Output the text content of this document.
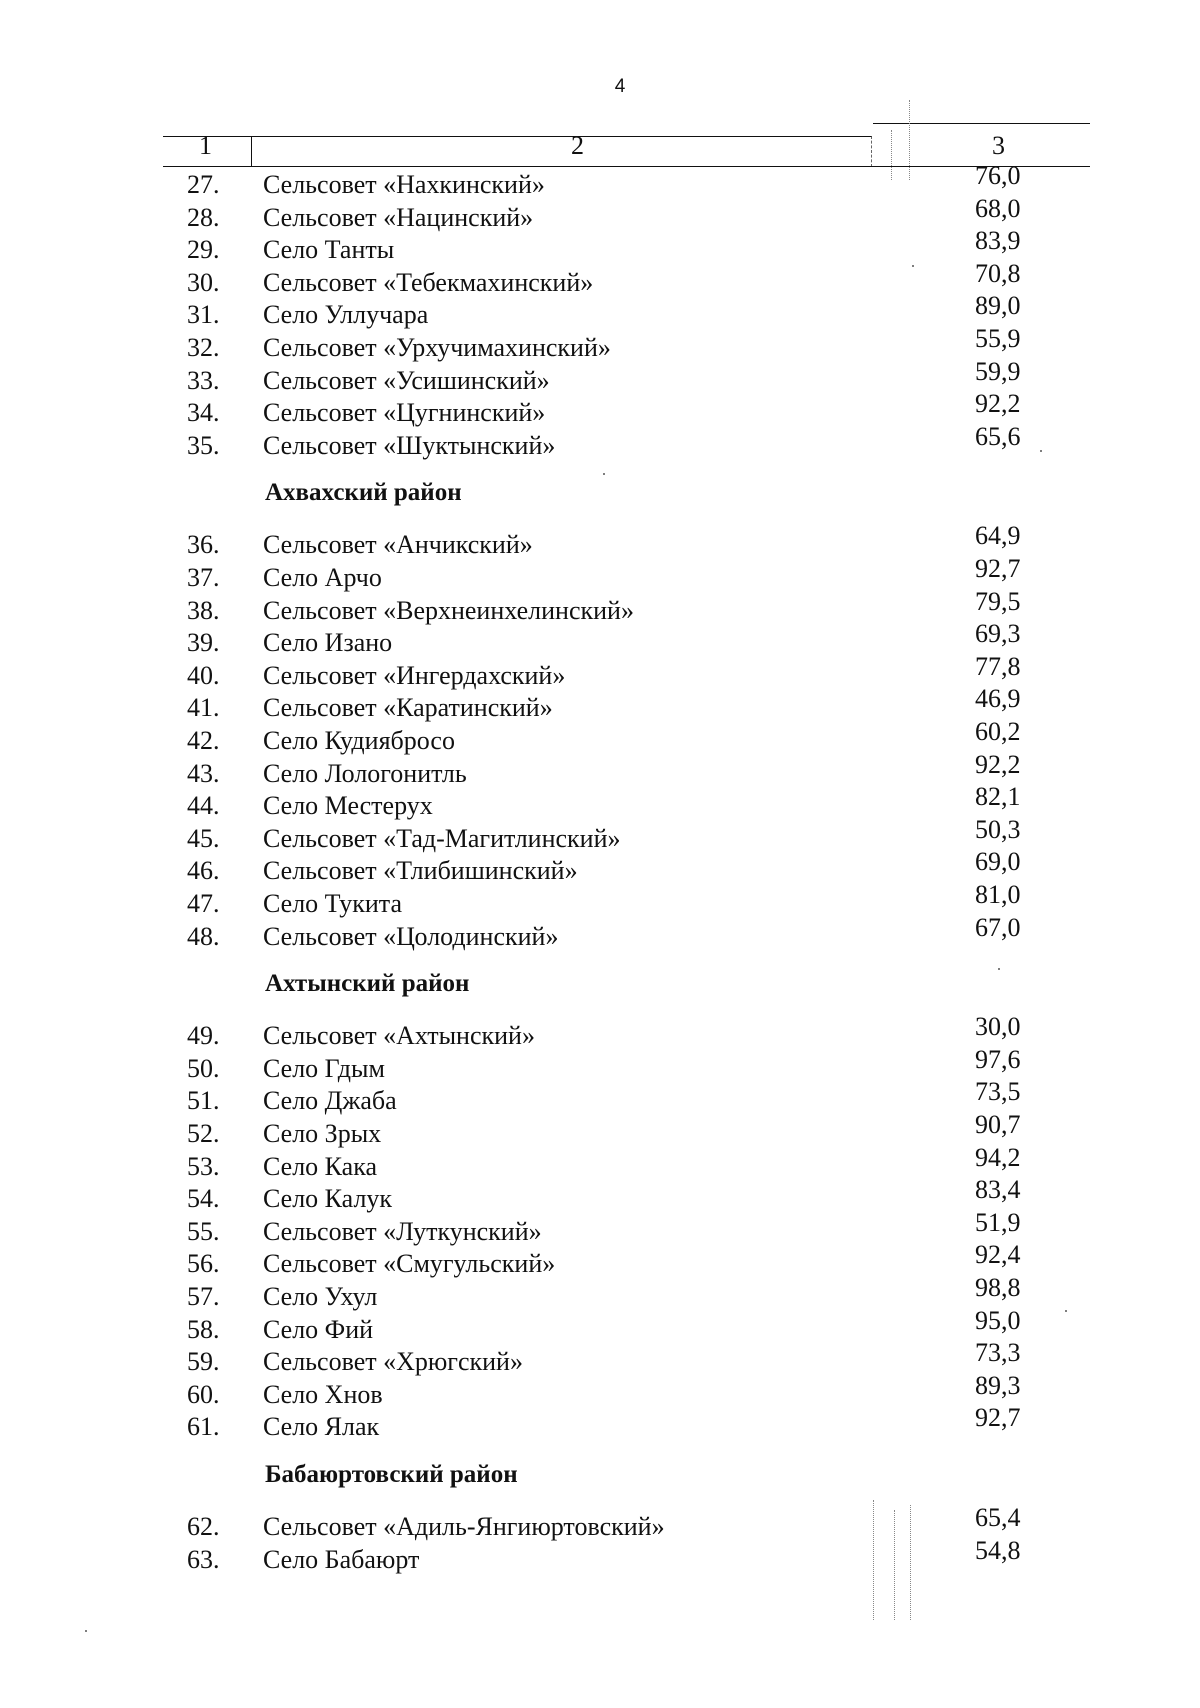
4
1	2	3
27. Сельсовет «Нахкинский»	76,0
28. Сельсовет «Нацинский»	68,0
29. Село Танты	83,9
30. Сельсовет «Тебекмахинский»	70,8
31. Село Уллучара	89,0
32. Сельсовет «Урхучимахинский»	55,9
33. Сельсовет «Усишинский»	59,9
34. Сельсовет «Цугнинский»	92,2
35. Сельсовет «Шуктынский»	65,6
Ахвахский район
36. Сельсовет «Анчикский»	64,9
37. Село Арчо	92,7
38. Сельсовет «Верхнеинхелинский»	79,5
39. Село Изано	69,3
40. Сельсовет «Ингердахский»	77,8
41. Сельсовет «Каратинский»	46,9
42. Село Кудиябросо	60,2
43. Село Лологонитль	92,2
44. Село Местерух	82,1
45. Сельсовет «Тад-Магитлинский»	50,3
46. Сельсовет «Тлибишинский»	69,0
47. Село Тукита	81,0
48. Сельсовет «Цолодинский»	67,0
Ахтынский район
49. Сельсовет «Ахтынский»	30,0
50. Село Гдым	97,6
51. Село Джаба	73,5
52. Село Зрых	90,7
53. Село Кака	94,2
54. Село Калук	83,4
55. Сельсовет «Луткунский»	51,9
56. Сельсовет «Смугульский»	92,4
57. Село Ухул	98,8
58. Село Фий	95,0
59. Сельсовет «Хрюгский»	73,3
60. Село Хнов	89,3
61. Село Ялак	92,7
Бабаюртовский район
62. Сельсовет «Адиль-Янгиюртовский»	65,4
63. Село Бабаюрт	54,8
